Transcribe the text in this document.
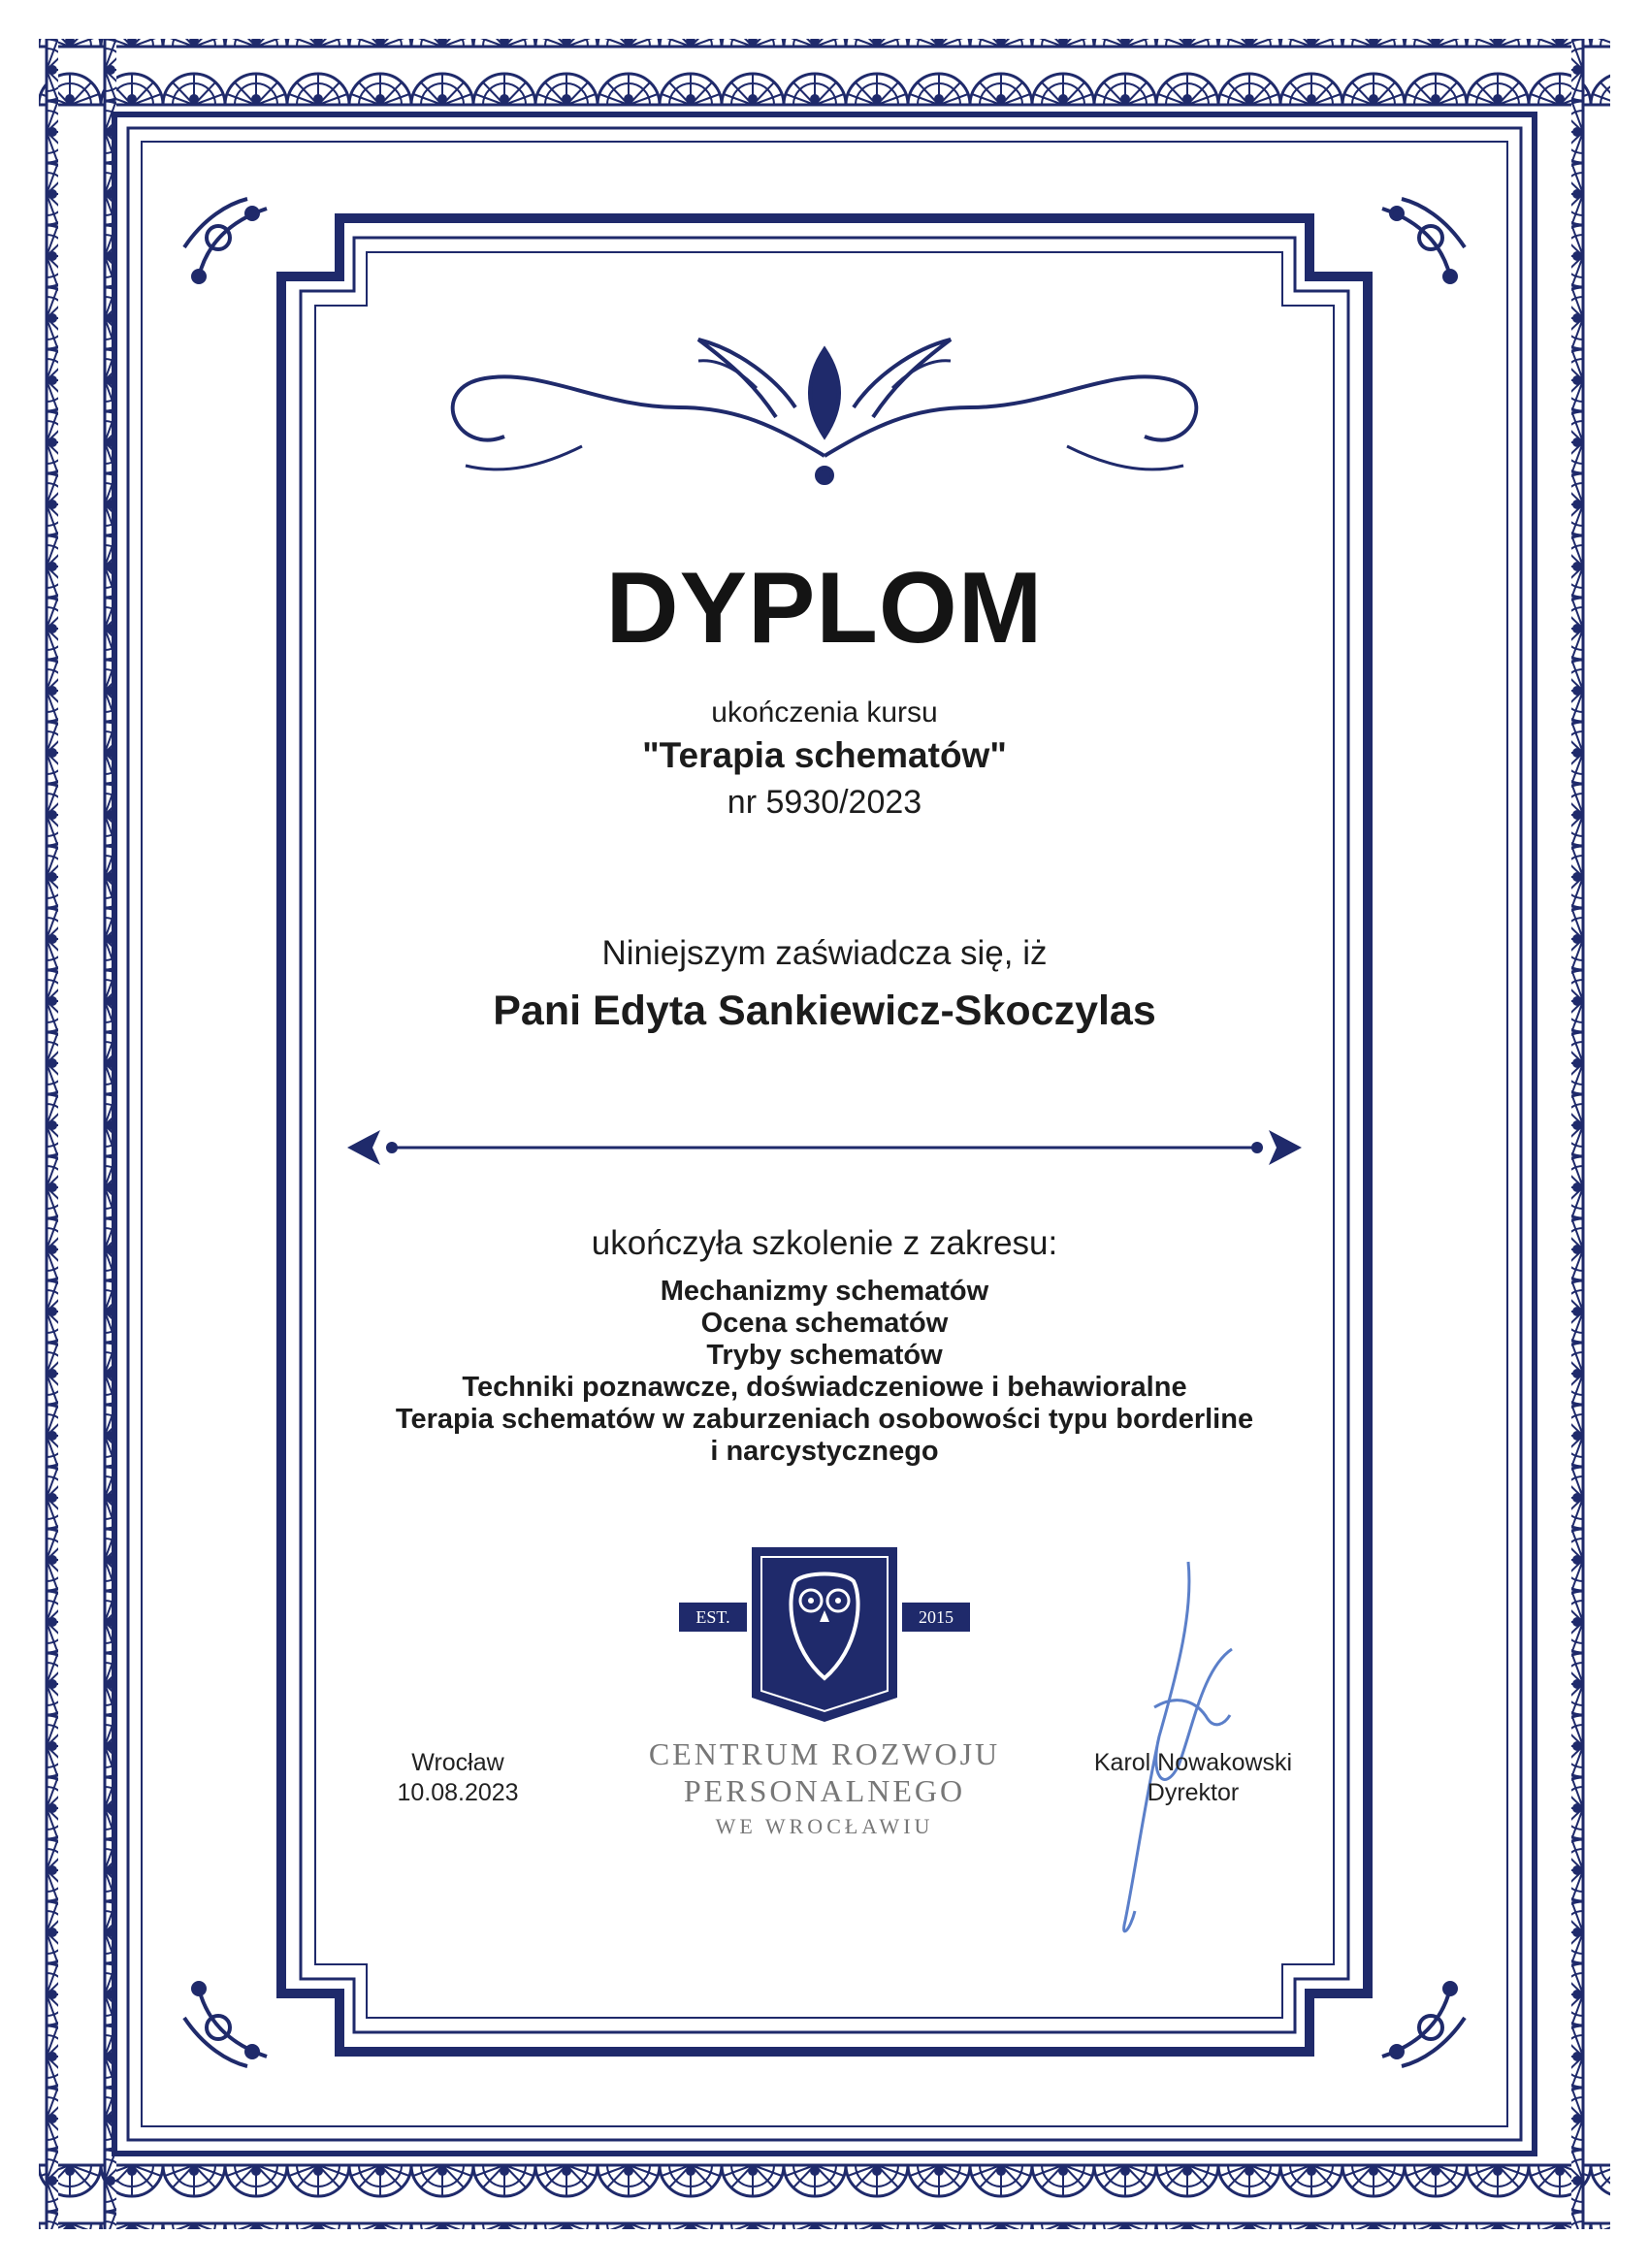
DYPLOM
ukończenia kursu
"Terapia schematów"
nr 5930/2023
Niniejszym zaświadcza się, iż
Pani Edyta Sankiewicz-Skoczylas
ukończyła szkolenie z zakresu:
Mechanizmy schematów
Ocena schematów
Tryby schematów
Techniki poznawcze, doświadczeniowe i behawioralne
Terapia schematów w zaburzeniach osobowości typu borderline
i narcystycznego
EST.	2015
CENTRUM ROZWOJU
PERSONALNEGO
WE WROCŁAWIU
Wrocław
10.08.2023
Karol Nowakowski
Dyrektor
